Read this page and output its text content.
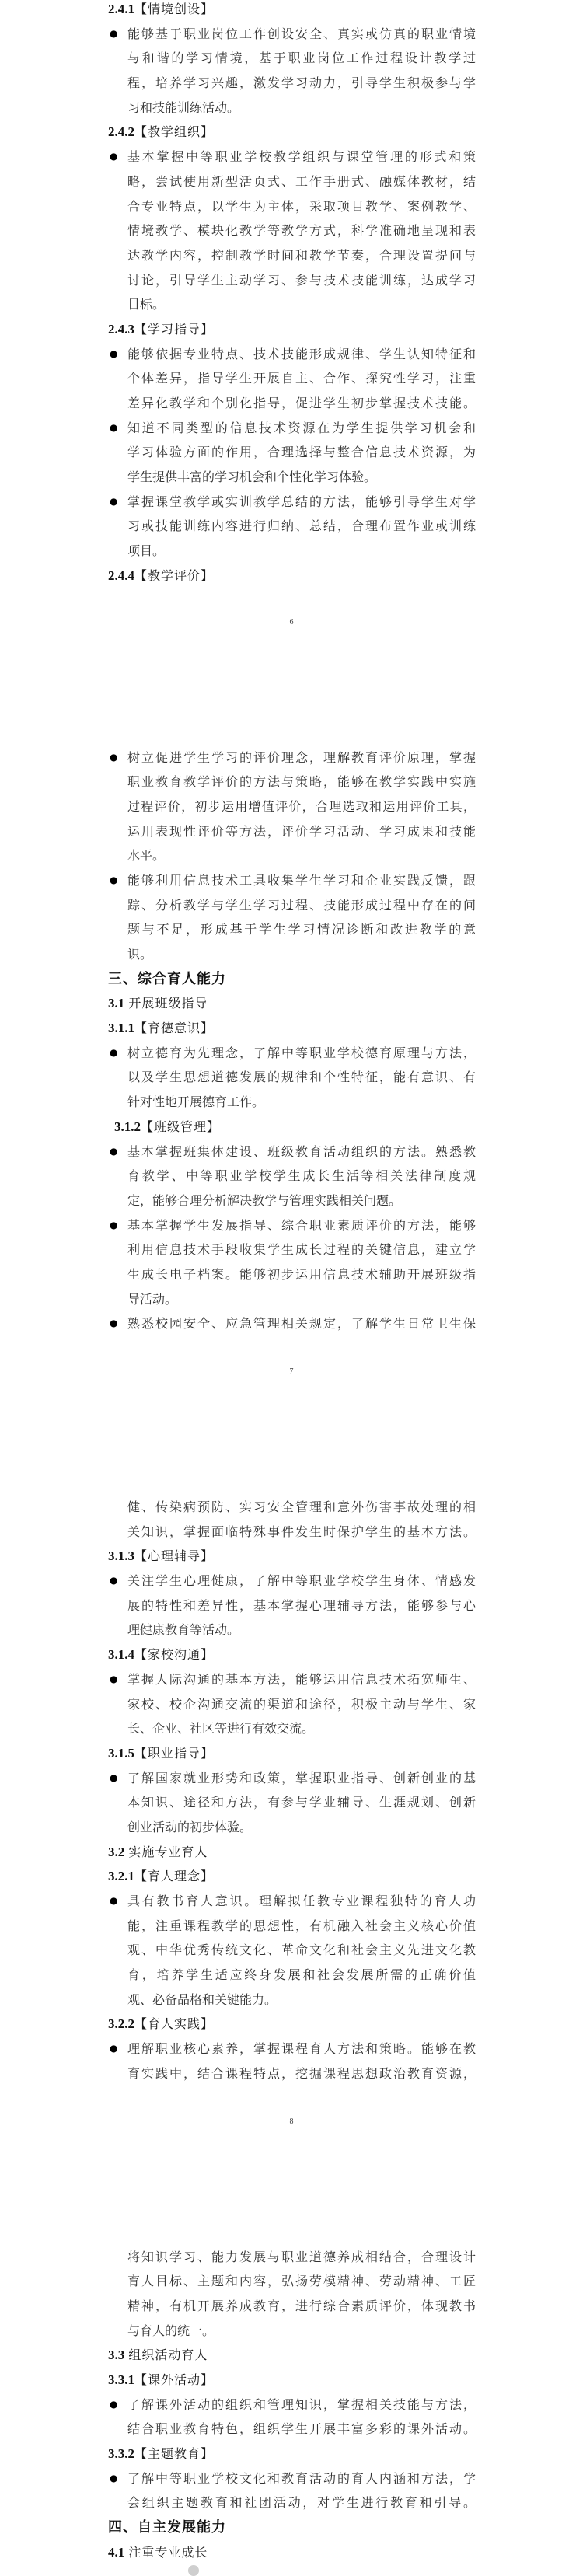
2.4.1【情境创设】
● 能够基于职业岗位工作创设安全、真实或仿真的职业情境
与和谐的学习情境，基于职业岗位工作过程设计教学过
程，培养学习兴趣，激发学习动力，引导学生积极参与学
习和技能训练活动。
2.4.2【教学组织】
● 基本掌握中等职业学校教学组织与课堂管理的形式和策
略，尝试使用新型活页式、工作手册式、融媒体教材，结
合专业特点，以学生为主体，采取项目教学、案例教学、
情境教学、模块化教学等教学方式，科学准确地呈现和表
达教学内容，控制教学时间和教学节奏，合理设置提问与
讨论，引导学生主动学习、参与技术技能训练，达成学习
目标。
2.4.3【学习指导】
● 能够依据专业特点、技术技能形成规律、学生认知特征和
个体差异，指导学生开展自主、合作、探究性学习，注重
差异化教学和个别化指导，促进学生初步掌握技术技能。
● 知道不同类型的信息技术资源在为学生提供学习机会和
学习体验方面的作用，合理选择与整合信息技术资源，为
学生提供丰富的学习机会和个性化学习体验。
● 掌握课堂教学或实训教学总结的方法，能够引导学生对学
习或技能训练内容进行归纳、总结，合理布置作业或训练
项目。
2.4.4【教学评价】
6
● 树立促进学生学习的评价理念，理解教育评价原理，掌握
职业教育教学评价的方法与策略，能够在教学实践中实施
过程评价，初步运用增值评价，合理选取和运用评价工具，
运用表现性评价等方法，评价学习活动、学习成果和技能
水平。
● 能够利用信息技术工具收集学生学习和企业实践反馈，跟
踪、分析教学与学生学习过程、技能形成过程中存在的问
题与不足，形成基于学生学习情况诊断和改进教学的意
识。
三、综合育人能力
3.1 开展班级指导
3.1.1【育德意识】
● 树立德育为先理念，了解中等职业学校德育原理与方法，
以及学生思想道德发展的规律和个性特征，能有意识、有
针对性地开展德育工作。
3.1.2【班级管理】
● 基本掌握班集体建设、班级教育活动组织的方法。熟悉教
育教学、中等职业学校学生成长生活等相关法律制度规
定，能够合理分析解决教学与管理实践相关问题。
● 基本掌握学生发展指导、综合职业素质评价的方法，能够
利用信息技术手段收集学生成长过程的关键信息，建立学
生成长电子档案。能够初步运用信息技术辅助开展班级指
导活动。
● 熟悉校园安全、应急管理相关规定，了解学生日常卫生保
7
健、传染病预防、实习安全管理和意外伤害事故处理的相
关知识，掌握面临特殊事件发生时保护学生的基本方法。
3.1.3【心理辅导】
● 关注学生心理健康，了解中等职业学校学生身体、情感发
展的特性和差异性，基本掌握心理辅导方法，能够参与心
理健康教育等活动。
3.1.4【家校沟通】
● 掌握人际沟通的基本方法，能够运用信息技术拓宽师生、
家校、校企沟通交流的渠道和途径，积极主动与学生、家
长、企业、社区等进行有效交流。
3.1.5【职业指导】
● 了解国家就业形势和政策，掌握职业指导、创新创业的基
本知识、途径和方法，有参与学业辅导、生涯规划、创新
创业活动的初步体验。
3.2 实施专业育人
3.2.1【育人理念】
● 具有教书育人意识。理解拟任教专业课程独特的育人功
能，注重课程教学的思想性，有机融入社会主义核心价值
观、中华优秀传统文化、革命文化和社会主义先进文化教
育，培养学生适应终身发展和社会发展所需的正确价值
观、必备品格和关键能力。
3.2.2【育人实践】
● 理解职业核心素养，掌握课程育人方法和策略。能够在教
育实践中，结合课程特点，挖掘课程思想政治教育资源，
8
将知识学习、能力发展与职业道德养成相结合，合理设计
育人目标、主题和内容，弘扬劳模精神、劳动精神、工匠
精神，有机开展养成教育，进行综合素质评价，体现教书
与育人的统一。
3.3 组织活动育人
3.3.1【课外活动】
● 了解课外活动的组织和管理知识，掌握相关技能与方法，
结合职业教育特色，组织学生开展丰富多彩的课外活动。
3.3.2【主题教育】
● 了解中等职业学校文化和教育活动的育人内涵和方法，学
会组织主题教育和社团活动，对学生进行教育和引导。
四、自主发展能力
4.1 注重专业成长
